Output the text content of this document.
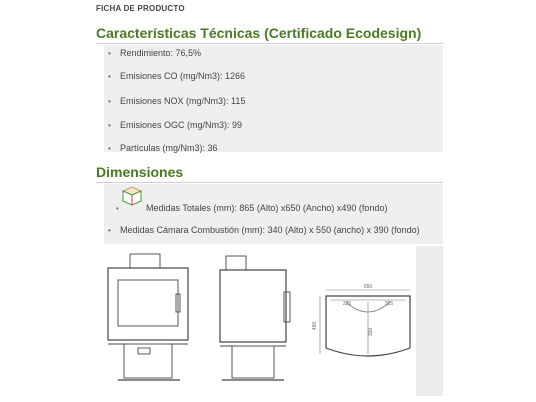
FICHA DE PRODUCTO
Características Técnicas (Certificado Ecodesign)
• Rendimiento: 76,5%
• Emisiones CO (mg/Nm3): 1266
• Emisiones NOX (mg/Nm3): 115
• Emisiones OGC (mg/Nm3): 99
• Partículas (mg/Nm3): 36
Dimensiones
•	Medidas Totales (mm): 865 (Alto) x650 (Ancho) x490 (fondo)
• Medidas Cámara Combustión (mm): 340 (Alto) x 550 (ancho) x 390 (fondo)
650
325	325
490
300
